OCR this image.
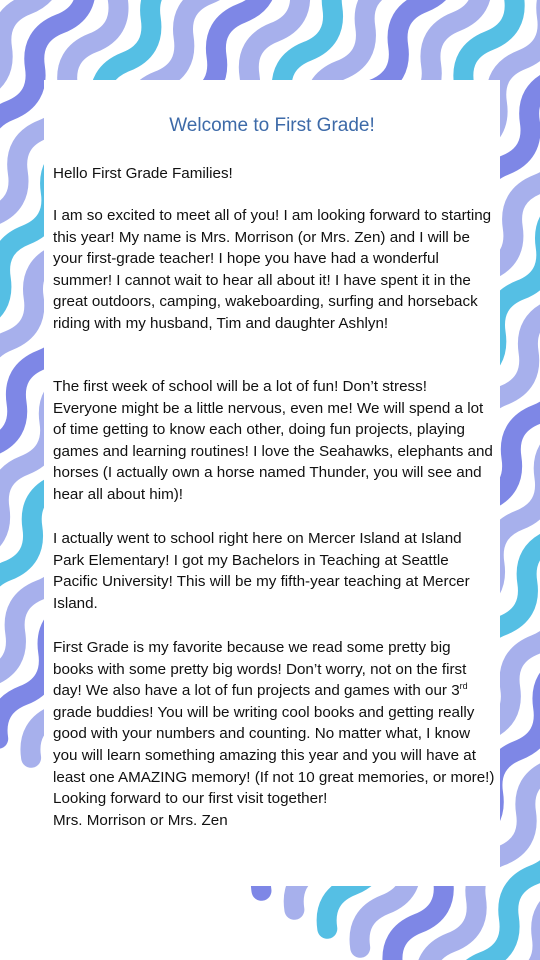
Welcome to First Grade!

Hello First Grade Families!

I am so excited to meet all of you! I am looking forward to starting this year! My name is Mrs. Morrison (or Mrs. Zen) and I will be your first-grade teacher! I hope you have had a wonderful summer! I cannot wait to hear all about it! I have spent it in the great outdoors, camping, wakeboarding, surfing and horseback riding with my husband, Tim and daughter Ashlyn!

The first week of school will be a lot of fun! Don’t stress! Everyone might be a little nervous, even me! We will spend a lot of time getting to know each other, doing fun projects, playing games and learning routines! I love the Seahawks, elephants and horses (I actually own a horse named Thunder, you will see and hear all about him)!

I actually went to school right here on Mercer Island at Island Park Elementary! I got my Bachelors in Teaching at Seattle Pacific University! This will be my fifth-year teaching at Mercer Island.

First Grade is my favorite because we read some pretty big books with some pretty big words! Don’t worry, not on the first day! We also have a lot of fun projects and games with our 3rd grade buddies! You will be writing cool books and getting really good with your numbers and counting. No matter what, I know you will learn something amazing this year and you will have at least one AMAZING memory! (If not 10 great memories, or more!)
Looking forward to our first visit together!
Mrs. Morrison or Mrs. Zen
